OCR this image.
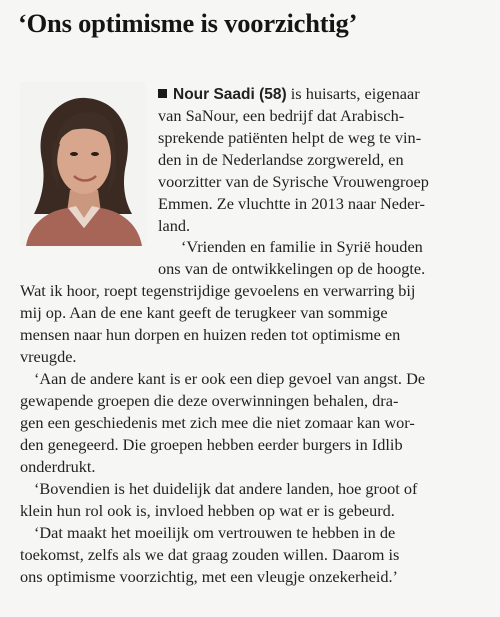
‘Ons optimisme is voorzichtig’
Nour Saadi (58) is huisarts, eigenaar
van SaNour, een bedrijf dat Arabisch-
sprekende patiënten helpt de weg te vin-
den in de Nederlandse zorgwereld, en
voorzitter van de Syrische Vrouwengroep
Emmen. Ze vluchtte in 2013 naar Neder-
land.
‘Vrienden en familie in Syrië houden
ons van de ontwikkelingen op de hoogte.
Wat ik hoor, roept tegenstrijdige gevoelens en verwarring bij
mij op. Aan de ene kant geeft de terugkeer van sommige
mensen naar hun dorpen en huizen reden tot optimisme en
vreugde.
‘Aan de andere kant is er ook een diep gevoel van angst. De
gewapende groepen die deze overwinningen behalen, dra-
gen een geschiedenis met zich mee die niet zomaar kan wor-
den genegeerd. Die groepen hebben eerder burgers in Idlib
onderdrukt.
‘Bovendien is het duidelijk dat andere landen, hoe groot of
klein hun rol ook is, invloed hebben op wat er is gebeurd.
‘Dat maakt het moeilijk om vertrouwen te hebben in de
toekomst, zelfs als we dat graag zouden willen. Daarom is
ons optimisme voorzichtig, met een vleugje onzekerheid.’
